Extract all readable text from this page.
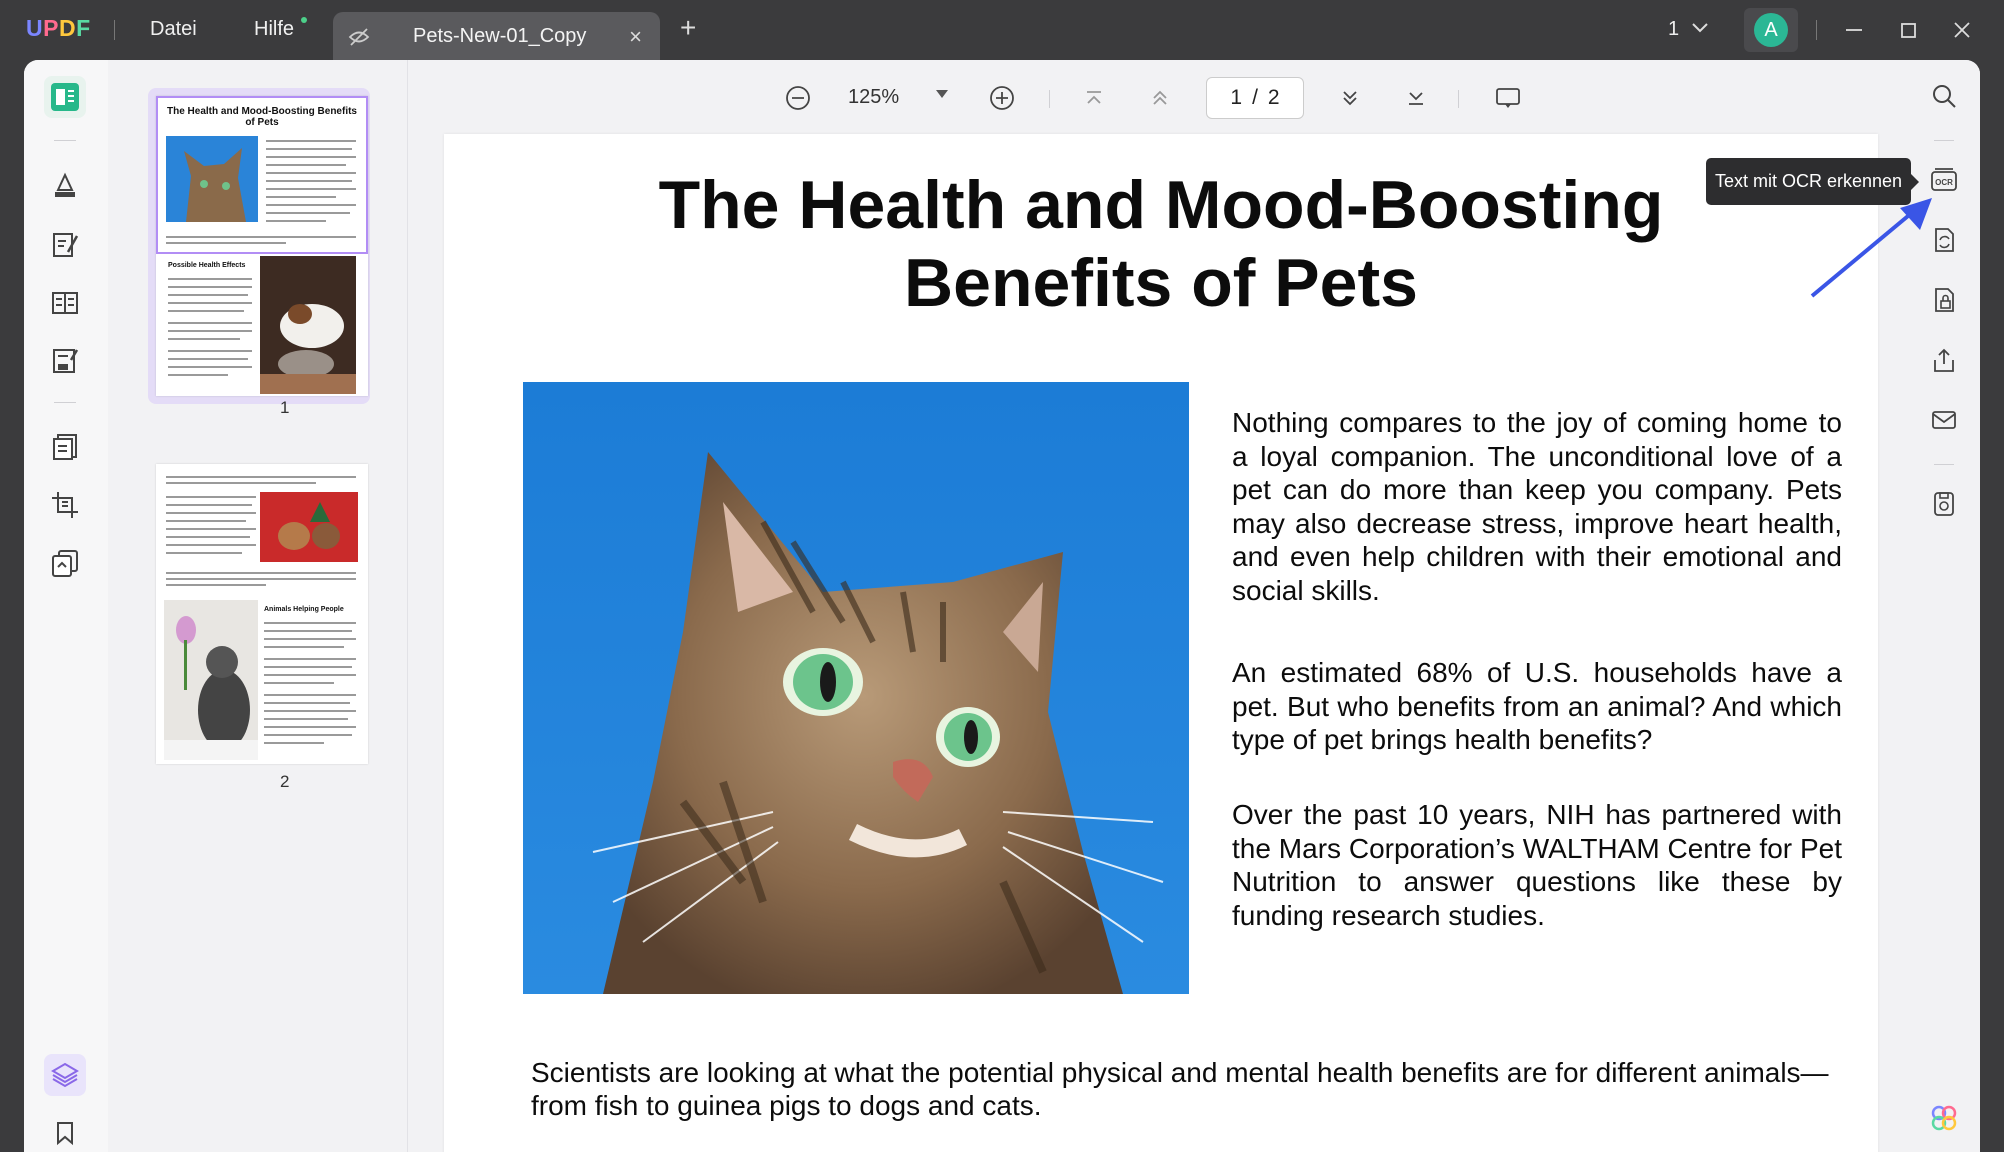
UPDF	Datei	Hilfe	Pets-New-01_Copy × +	1	A
The Health and Mood-Boosting Benefits of Pets
Possible Health Effects
1
Animals Helping People
2
125%	1 / 2
The Health and Mood-Boosting
Benefits of Pets
Nothing compares to the joy of coming home to a loyal companion. The unconditional love of a pet can do more than keep you company. Pets may also decrease stress, improve heart health, and even help children with their emotional and social skills.
An estimated 68% of U.S. households have a pet. But who benefits from an animal? And which type of pet brings health benefits?
Over the past 10 years, NIH has partnered with the Mars Corporation’s WALTHAM Centre for Pet Nutrition to answer questions like these by funding research studies.
Scientists are looking at what the potential physical and mental health benefits are for different animals—from fish to guinea pigs to dogs and cats.
OCR
Text mit OCR erkennen
